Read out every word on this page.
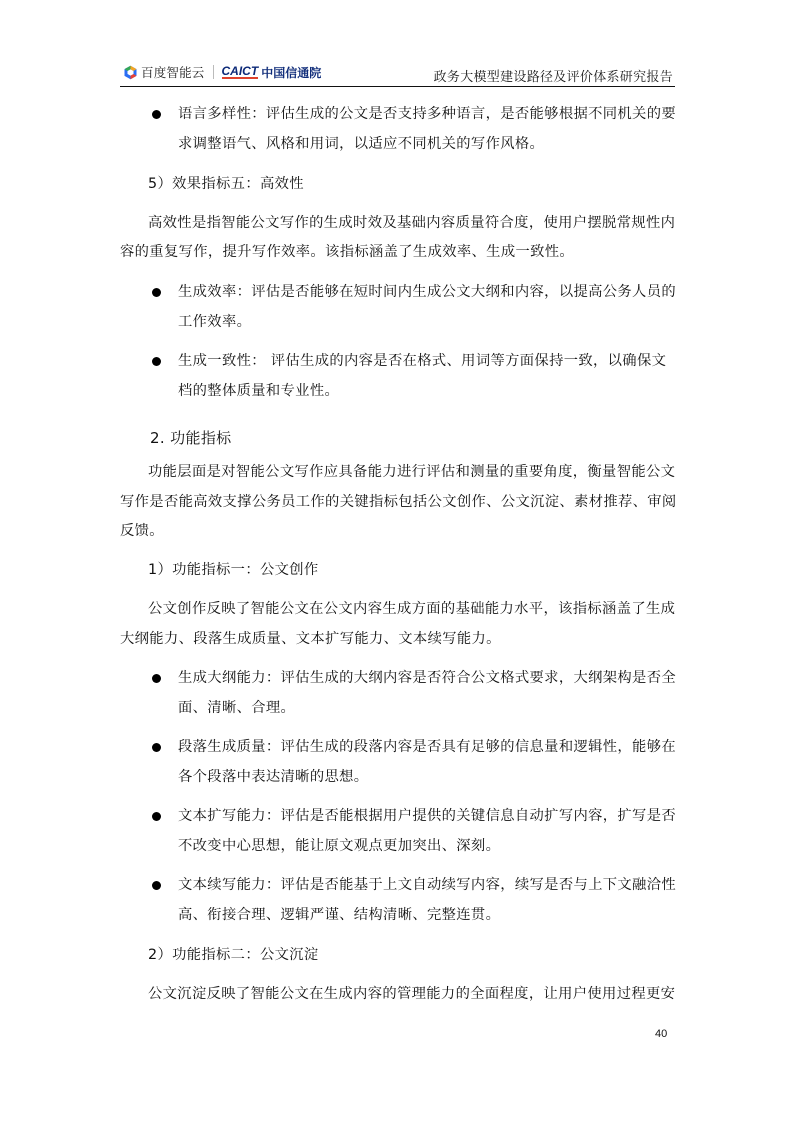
百度智能云 CAICT 中国信通院	政务大模型建设路径及评价体系研究报告
语言多样性：评估生成的公文是否支持多种语言，是否能够根据不同机关的要
求调整语气、风格和用词，以适应不同机关的写作风格。
5）效果指标五：高效性
高效性是指智能公文写作的生成时效及基础内容质量符合度，使用户摆脱常规性内
容的重复写作，提升写作效率。该指标涵盖了生成效率、生成一致性。
生成效率：评估是否能够在短时间内生成公文大纲和内容，以提高公务人员的
工作效率。
生成一致性： 评估生成的内容是否在格式、用词等方面保持一致，以确保文
档的整体质量和专业性。
2. 功能指标
功能层面是对智能公文写作应具备能力进行评估和测量的重要角度，衡量智能公文
写作是否能高效支撑公务员工作的关键指标包括公文创作、公文沉淀、素材推荐、审阅
反馈。
1）功能指标一：公文创作
公文创作反映了智能公文在公文内容生成方面的基础能力水平，该指标涵盖了生成
大纲能力、段落生成质量、文本扩写能力、文本续写能力。
生成大纲能力：评估生成的大纲内容是否符合公文格式要求，大纲架构是否全
面、清晰、合理。
段落生成质量：评估生成的段落内容是否具有足够的信息量和逻辑性，能够在
各个段落中表达清晰的思想。
文本扩写能力：评估是否能根据用户提供的关键信息自动扩写内容，扩写是否
不改变中心思想，能让原文观点更加突出、深刻。
文本续写能力：评估是否能基于上文自动续写内容，续写是否与上下文融洽性
高、衔接合理、逻辑严谨、结构清晰、完整连贯。
2）功能指标二：公文沉淀
公文沉淀反映了智能公文在生成内容的管理能力的全面程度，让用户使用过程更安
40
